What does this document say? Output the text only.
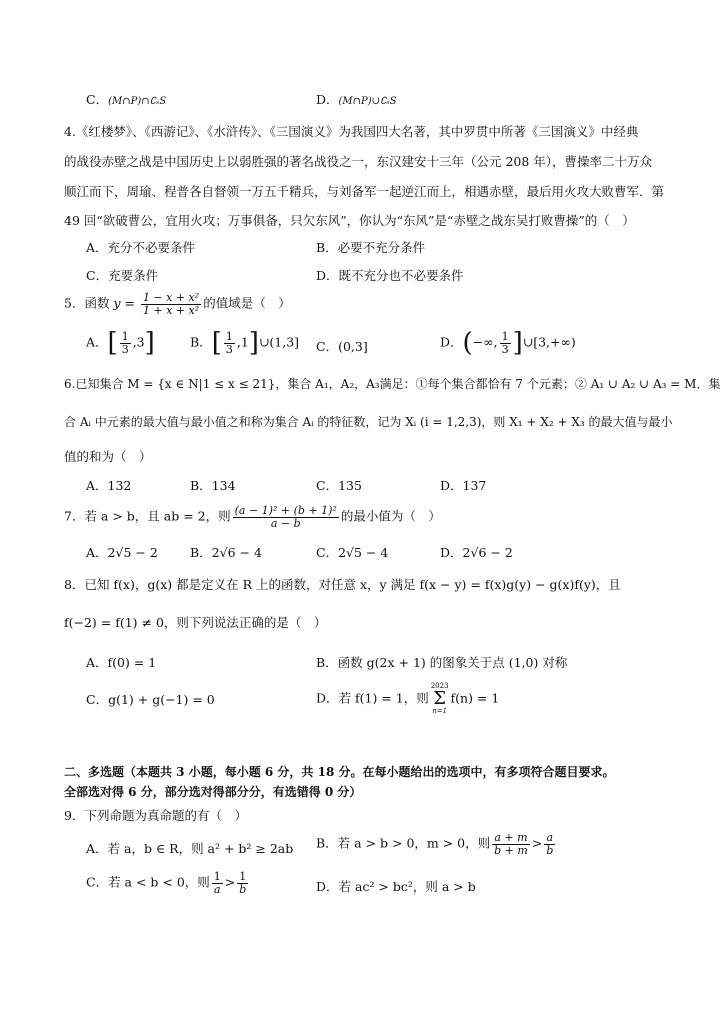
C．(M∩P)∩∁ₛS	D．(M∩P)∪∁ₛS
4.《红楼梦》、《西游记》、《水浒传》、《三国演义》为我国四大名著，其中罗贯中所著《三国演义》中经典
的战役赤壁之战是中国历史上以弱胜强的著名战役之一，东汉建安十三年（公元 208 年），曹操率二十万众
顺江而下，周瑜、程普各自督领一万五千精兵，与刘备军一起逆江而上，相遇赤壁，最后用火攻大败曹军．第
49 回“欲破曹公，宜用火攻；万事俱备，只欠东风”，你认为“东风”是“赤壁之战东吴打败曹操”的（　）
A．充分不必要条件	B．必要不充分条件
C．充要条件	D．既不充分也不必要条件
5．函数 $y = \frac{\text{1 − x + x²}}{\text{1 + x + x²}}$ 的值域是（　）
A．[ $\frac{1}{3} ,3$]	B．[ $\frac{1}{3}$ ,1]∪(1,3] C．(0,3]	D．(−∞, $\frac{1}{3}$ ]∪[3,+∞)
6.已知集合 M = {x ∈ N|1 ≤ x ≤ 21}，集合 A₁，A₂，A₃满足：①每个集合都恰有 7 个元素；② A₁ ∪ A₂ ∪ A₃ = M．集
合 Aᵢ 中元素的最大值与最小值之和称为集合 Aᵢ 的特征数，记为 Xᵢ (i = 1,2,3)，则 X₁ + X₂ + X₃ 的最大值与最小
值的和为（　）
A．132	B．134	C．135	D．137
7．若 a > b，且 ab = 2，则 $\frac{\text{(a − 1)² + (b + 1)²}}{a - b}$ 的最小值为（　）
A．2√5 − 2	B．2√6 − 4	C．2√5 − 4	D．2√6 − 2
8．已知 f(x)，g(x) 都是定义在 R 上的函数，对任意 x，y 满足 f(x − y) = f(x)g(y) − g(x)f(y)，且
f(−2) = f(1) ≠ 0，则下列说法正确的是（　）
A．f(0) = 1	B．函数 g(2x + 1) 的图象关于点 (1,0) 对称
C．g(1) + g(−1) = 0	D．若 f(1) = 1，则
2023
Σ
n=1
f(n) = 1
二、多选题（本题共 3 小题，每小题 6 分，共 18 分。在每小题给出的选项中，有多项符合题目要求。
全部选对得 6 分，部分选对得部分分，有选错得 0 分）
9．下列命题为真命题的有（　）
A．若 a，b ∈ R，则 a² + b² ≥ 2ab B．若 a > b > 0，m > 0，则 $\frac{a + m}{b + m} > \frac{a}{b}$
C．若 a < b < 0，则 $\frac{1}{a} > \frac{1}{b}$	D．若 ac² > bc²，则 a > b
